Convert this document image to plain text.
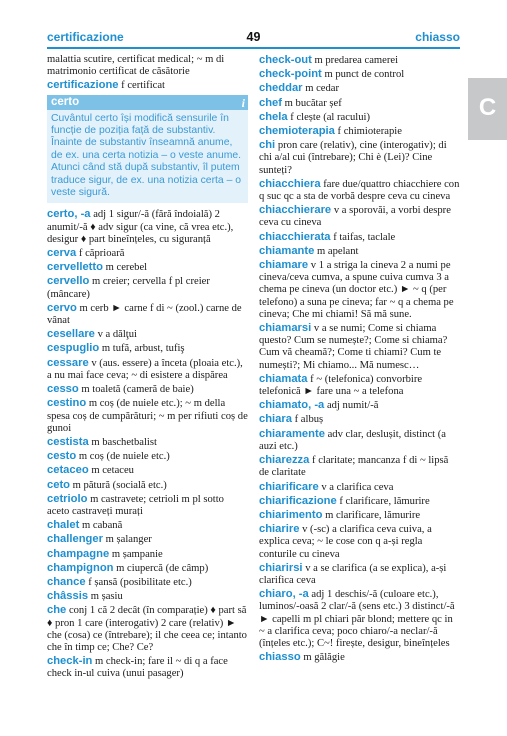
certificazione	49	chiasso
C
malattia scutire, certificat medical; ~ m di matrimonio certificat de căsătorie
certificazione f certificat
certo	i
Cuvântul certo își modifică sensurile în funcție de poziția față de substantiv. Înainte de substantiv înseamnă anume, de ex. una certa notizia – o veste anume. Atunci când stă după substantiv, îl putem traduce sigur, de ex. una notizia certa – o veste sigură.
certo, -a adj 1 sigur/-ă (fără îndoială) 2 anumit/-ă ♦ adv sigur (ca vine, că vrea etc.), desigur ♦ part bineînțeles, cu siguranță
cerva f căprioară
cervelletto m cerebel
cervello m creier; cervella f pl creier (mâncare)
cervo m cerb ► carne f di ~ (zool.) carne de vânat
cesellare v a dălţui
cespuglio m tufă, arbust, tufiş
cessare v (aus. essere) a înceta (ploaia etc.), a nu mai face ceva; ~ di esistere a dispărea
cesso m toaletă (cameră de baie)
cestino m coș (de nuiele etc.); ~ m della spesa coș de cumpărături; ~ m per rifiuti coș de gunoi
cestista m baschetbalist
cesto m coș (de nuiele etc.)
cetaceo m cetaceu
ceto m pătură (socială etc.)
cetriolo m castravete; cetrioli m pl sotto aceto castraveți murați
chalet m cabană
challenger m șalanger
champagne m șampanie
champignon m ciupercă (de câmp)
chance f șansă (posibilitate etc.)
châssis m șasiu
che conj 1 că 2 decât (în comparație) ♦ part să ♦ pron 1 care (interogativ) 2 care (relativ) ► che (cosa) ce (întrebare); il che ceea ce; intanto che în timp ce; Che? Ce?
check-in m check-in; fare il ~ di q a face check in-ul cuiva (unui pasager)
check-out m predarea camerei
check-point m punct de control
cheddar m cedar
chef m bucătar șef
chela f clește (al racului)
chemioterapia f chimioterapie
chi pron care (relativ), cine (interogativ); di chi a/al cui (întrebare); Chi è (Lei)? Cine sunteți?
chiacchiera fare due/quattro chiacchiere con q suc qc a sta de vorbă despre ceva cu cineva
chiacchierare v a sporovăi, a vorbi despre ceva cu cineva
chiacchierata f taifas, taclale
chiamante m apelant
chiamare v 1 a striga la cineva 2 a numi pe cineva/ceva cumva, a spune cuiva cumva 3 a chema pe cineva (un doctor etc.) ► ~ q (per telefono) a suna pe cineva; far ~ q a chema pe cineva; Che mi chiami! Să mă sune.
chiamarsi v a se numi; Come si chiama questo? Cum se numește?; Come si chiama? Cum vă cheamă?; Come ti chiami? Cum te numești?; Mi chiamo... Mă numesc…
chiamata f ~ (telefonica) convorbire telefonică ► fare una ~ a telefona
chiamato, -a adj numit/-ă
chiara f albuș
chiaramente adv clar, deslușit, distinct (a auzi etc.)
chiarezza f claritate; mancanza f di ~ lipsă de claritate
chiarificare v a clarifica ceva
chiarificazione f clarificare, lămurire
chiarimento m clarificare, lămurire
chiarire v (-sc) a clarifica ceva cuiva, a explica ceva; ~ le cose con q a-și regla conturile cu cineva
chiarirsi v a se clarifica (a se explica), a-și clarifica ceva
chiaro, -a adj 1 deschis/-ă (culoare etc.), luminos/-oasă 2 clar/-ă (sens etc.) 3 distinct/-ă ► capelli m pl chiari păr blond; mettere qc in ~ a clarifica ceva; poco chiaro/-a neclar/-ă (înțeles etc.); C~! firește, desigur, bineînțeles
chiasso m gălăgie
